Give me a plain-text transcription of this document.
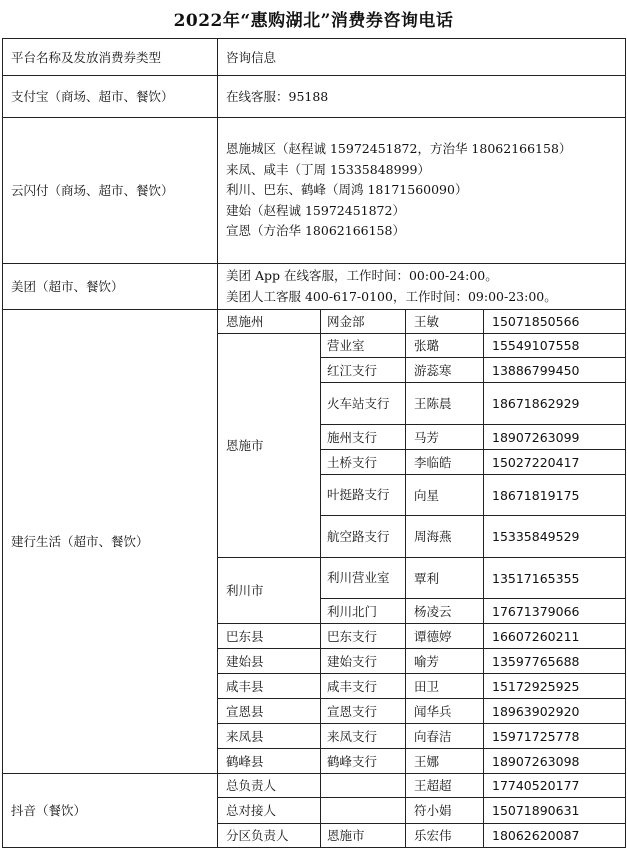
2022年“惠购湖北”消费券咨询电话
平台名称及发放消费券类型	咨询信息			
支付宝（商场、超市、餐饮）	在线客服：95188			
云闪付（商场、超市、餐饮）	恩施城区（赵程诚 15972451872，方治华 18062166158）
来凤、咸丰（丁周 15335848999）
利川、巴东、鹤峰（周鸿 18171560090）
建始（赵程诚 15972451872）
宣恩（方治华 18062166158）			

美团（超市、餐饮）	美团 App 在线客服，工作时间：00:00-24:00。
美团人工客服 400-617-0100，工作时间：09:00-23:00。			

建行生活（超市、餐饮）	恩施州	网金部	王敏	15071850566
	恩施市	营业室	张璐	15549107558
		红江支行	游蕊寒	13886799450
		火车站支行	王陈晨	18671862929
		施州支行	马芳	18907263099
		土桥支行	李临皓	15027220417
		叶挺路支行	向星	18671819175
		航空路支行	周海燕	15335849529
	利川市	利川营业室	覃利	13517165355
		利川北门	杨凌云	17671379066
	巴东县	巴东支行	谭德婷	16607260211
	建始县	建始支行	喻芳	13597765688
	咸丰县	咸丰支行	田卫	15172925925
	宣恩县	宣恩支行	闻华兵	18963902920
	来凤县	来凤支行	向春洁	15971725778
	鹤峰县	鹤峰支行	王娜	18907263098
抖音（餐饮）	总负责人		王超超	17740520177
	总对接人		符小娟	15071890631
	分区负责人	恩施市	乐宏伟	18062620087
